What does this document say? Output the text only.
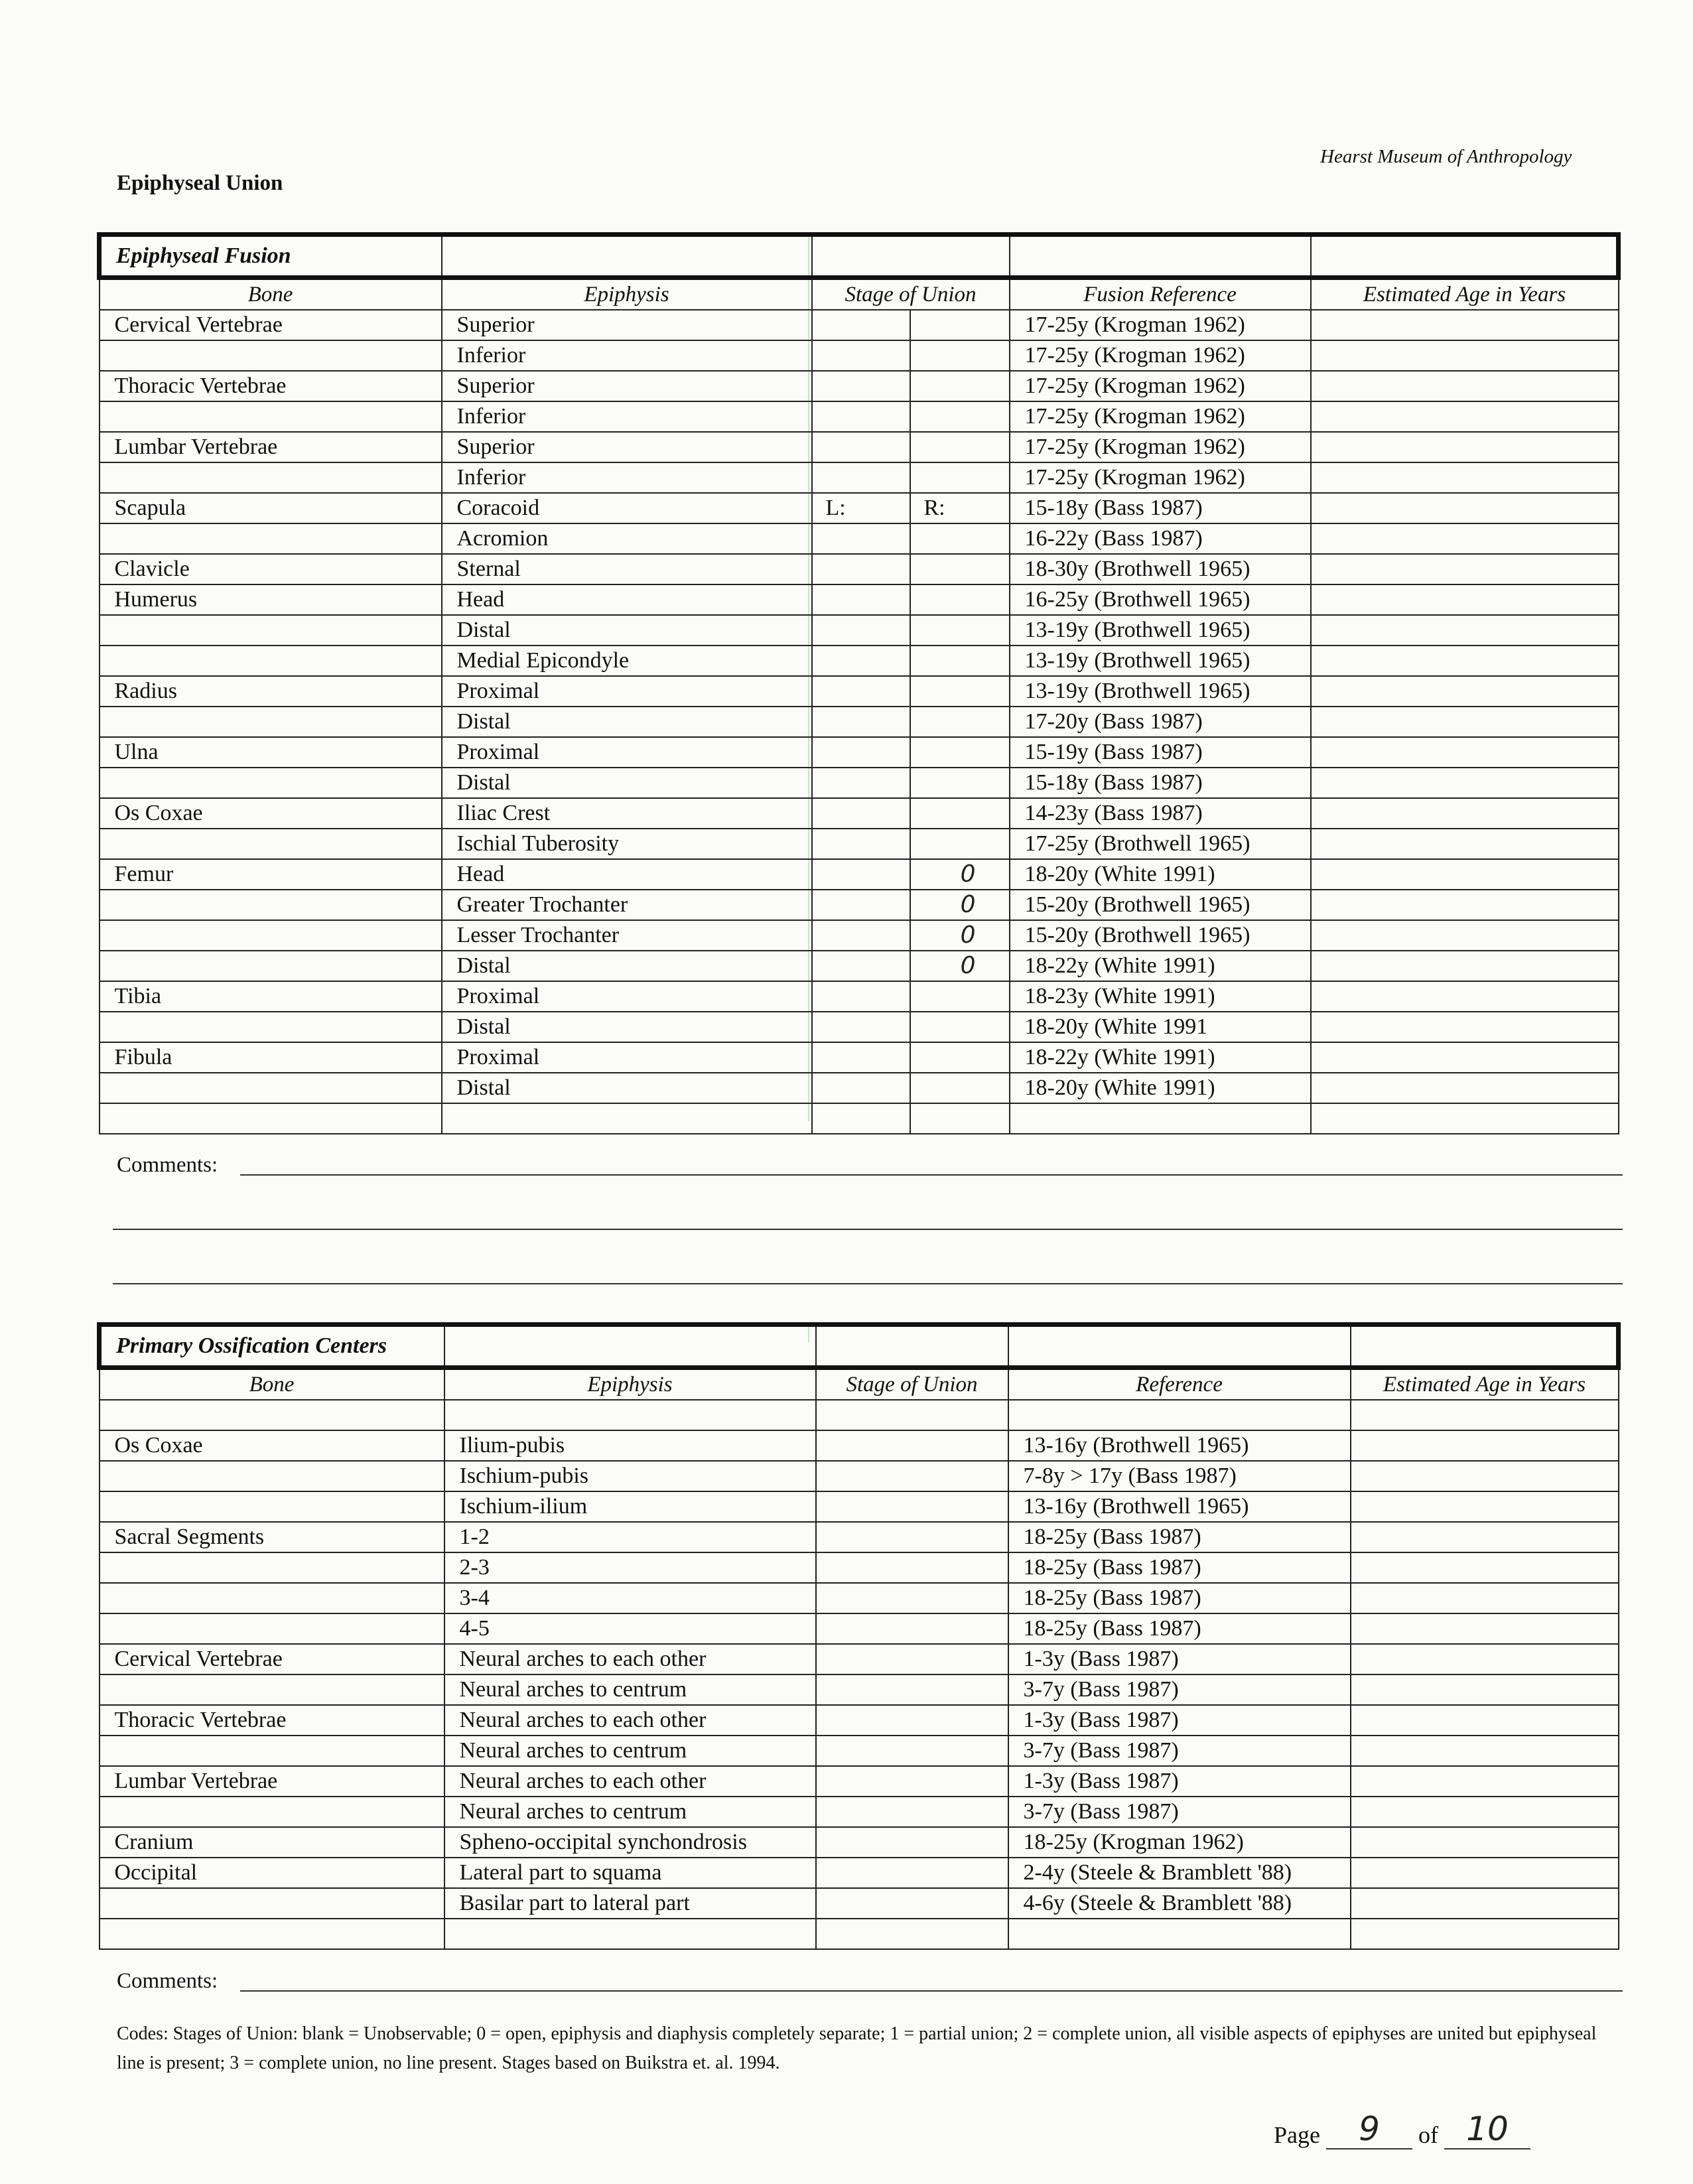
Hearst Museum of Anthropology
Epiphyseal Union
Epiphyseal Fusion					
Bone	Epiphysis	Stage of Union		Fusion Reference	Estimated Age in Years
Cervical Vertebrae	Superior			17-25y (Krogman 1962)	
	Inferior			17-25y (Krogman 1962)	
Thoracic Vertebrae	Superior			17-25y (Krogman 1962)	
	Inferior			17-25y (Krogman 1962)	
Lumbar Vertebrae	Superior			17-25y (Krogman 1962)	
	Inferior			17-25y (Krogman 1962)	
Scapula	Coracoid	L:	R:	15-18y (Bass 1987)	
	Acromion			16-22y (Bass 1987)	
Clavicle	Sternal			18-30y (Brothwell 1965)	
Humerus	Head			16-25y (Brothwell 1965)	
	Distal			13-19y (Brothwell 1965)	
	Medial Epicondyle			13-19y (Brothwell 1965)	
Radius	Proximal			13-19y (Brothwell 1965)	
	Distal			17-20y (Bass 1987)	
Ulna	Proximal			15-19y (Bass 1987)	
	Distal			15-18y (Bass 1987)	
Os Coxae	Iliac Crest			14-23y (Bass 1987)	
	Ischial Tuberosity			17-25y (Brothwell 1965)	
Femur	Head		0	18-20y (White 1991)	
	Greater Trochanter		0	15-20y (Brothwell 1965)	
	Lesser Trochanter		0	15-20y (Brothwell 1965)	
	Distal		0	18-22y (White 1991)	
Tibia	Proximal			18-23y (White 1991)	
	Distal			18-20y (White 1991	
Fibula	Proximal			18-22y (White 1991)	
	Distal			18-20y (White 1991)	

Comments:
Primary Ossification Centers				
Bone	Epiphysis	Stage of Union	Reference	Estimated Age in Years

Os Coxae	Ilium-pubis		13-16y (Brothwell 1965)	
	Ischium-pubis		7-8y > 17y (Bass 1987)	
	Ischium-ilium		13-16y (Brothwell 1965)	
Sacral Segments	1-2		18-25y (Bass 1987)	
	2-3		18-25y (Bass 1987)	
	3-4		18-25y (Bass 1987)	
	4-5		18-25y (Bass 1987)	
Cervical Vertebrae	Neural arches to each other		1-3y (Bass 1987)	
	Neural arches to centrum		3-7y (Bass 1987)	
Thoracic Vertebrae	Neural arches to each other		1-3y (Bass 1987)	
	Neural arches to centrum		3-7y (Bass 1987)	
Lumbar Vertebrae	Neural arches to each other		1-3y (Bass 1987)	
	Neural arches to centrum		3-7y (Bass 1987)	
Cranium	Spheno-occipital synchondrosis		18-25y (Krogman 1962)	
Occipital	Lateral part to squama		2-4y (Steele & Bramblett '88)	
	Basilar part to lateral part		4-6y (Steele & Bramblett '88)	

Comments:
Codes: Stages of Union: blank = Unobservable; 0 = open, epiphysis and diaphysis completely separate; 1 = partial union; 2 = complete union, all visible aspects of epiphyses are united but epiphyseal line is present; 3 = complete union, no line present. Stages based on Buikstra et. al. 1994.
Page 9 of 10
